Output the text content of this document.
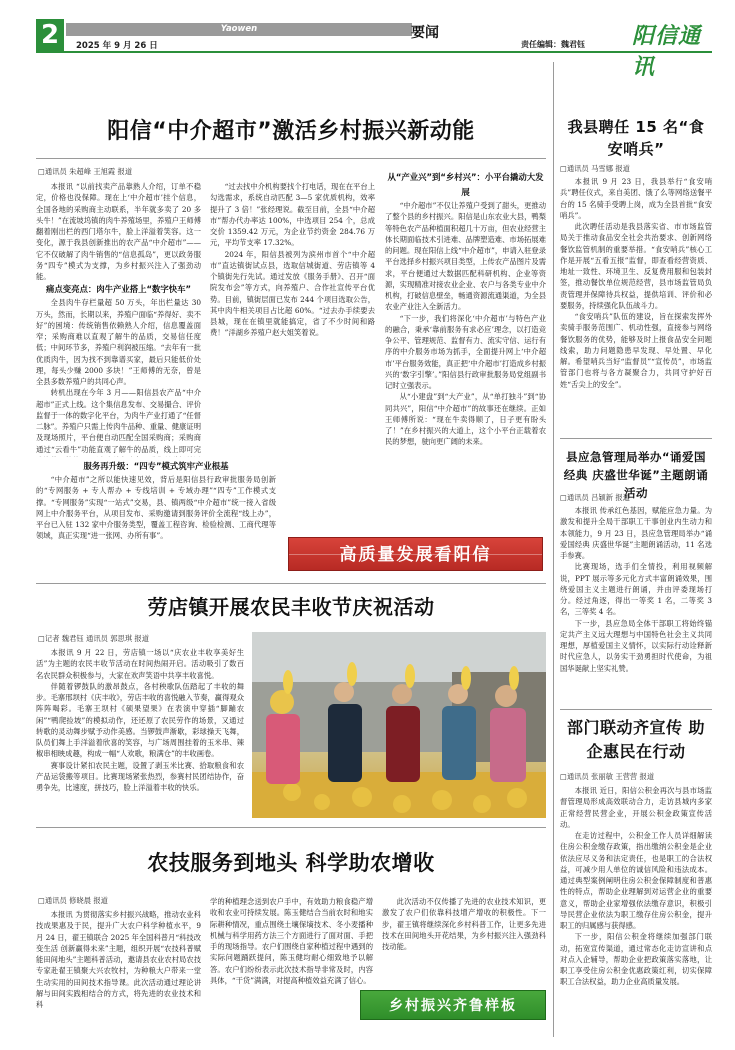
2	Yaowen
2025 年 9 月 26 日
要闻
责任编辑：魏君钰 阳信通讯
阳信“中介超市”激活乡村振兴新动能
□通讯员 朱超峰 王旭霞 报道

本报讯 “以前找卖产品靠熟人介绍，订单不稳定，价格也没保障。现在上‘中介超市’挂个信息，全国各地的采购商主动联系，半年就多卖了 20 多头牛！”在流坡坞镇的肉牛养殖场里，养殖户王师傅翻着刚出栏的西门塔尔牛，脸上洋溢着笑容。这一变化，源于我县创新推出的农产品“中介超市”——它不仅破解了肉牛销售的“信息孤岛”，更以政务服务“四专”模式为支撑，为乡村振兴注入了强劲动能。

痛点变亮点：肉牛产业搭上“数字快车”

全县肉牛存栏量超 50 万头，年出栏量达 30 万头，然而，长期以来，养殖户面临“养得好、卖不好”的困境：传统销售依赖熟人介绍，信息覆盖面窄；采购商难以直观了解牛的品质，交易信任度低；中间环节多，养殖户利润被压缩。“去年有一批优质肉牛，因为找不到靠谱买家，最后只能低价处理，每头少赚 2000 多块！”王师傅的无奈，曾是全县多数养殖户的共同心声。

转机出现在今年 3 月——阳信县农产品“中介超市”正式上线。这个集信息发布、交易撮合、评价监督于一体的数字化平台，为肉牛产业打通了“任督二脉”。养殖户只需上传肉牛品种、重量、健康证明及现场照片，平台便自动匹配全国采购商；采购商通过“云看牛”功能直观了解牛的品质，线上即可完

服务再升级：“四专”模式筑牢产业根基

“中介超市”之所以能快速见效，背后是阳信县行政审批服务局创新的“专网服务 + 专人帮办 + 专线培训 + 专域办理”“四专”工作模式支撑。“专网服务”实现“一站式”交易，县、镇两级“中介超市”统一接入省级网上中介服务平台，从项目发布、采购邀请到服务评价全流程“线上办”，平台已入驻 132 家中介服务类型，覆盖工程咨询、检验检测、工商代理等领域，真正实现“进一张网、办所有事”。

“过去找中介机构要找个打电话，现在在平台上勾选需求，系统自动匹配 3—5 家优质机构，效率提升了 3 倍！”张经理说。截至目前，全县“中介超市”帮办代办率达 100%，中选项目 254 个，总成交价 1359.42 万元，为企业节约资金 284.76 万元，平均节支率 17.32%。

2024 年，阳信县被列为滨州市首个“中介超市”直达镇街试点县，选取信城街道、劳店镇等 4 个镇街先行先试。通过发放《服务手册》、召开“面院发布会”等方式，向养殖户、合作社宣传平台优势。目前，镇街层面已发布 244 个项目选取公告，其中肉牛相关项目占比超 60%。“过去办手续要去县城，现在在镇里就能搞定，省了不少时间和路费！”洋湖乡养殖户赵大姐笑着说。

从“产业兴”到“乡村兴”：小平台撬动大发展

“中介超市”不仅让养殖户受到了甜头，更推动了整个县的乡村振兴。阳信是山东农业大县，鸭梨等特色农产品种植面积超几十万亩，但农业经营主体长期面临技术引进难、品牌塑造难、市场拓展难的问题。现在阳信上线“中介超市”，申请入驻登录平台选择乡村振兴项目类型，上传农产品图片及需求，平台便通过大数据匹配科研机构、企业等资源，实现精准对接农业企业、农户与各类专业中介机构，打破信息壁垒，畅通资源流通渠道，为全县农业产业注入全新活力。

“下一步，我们将深化‘中介超市’与特色产业的融合，秉承‘靠前服务有求必应’理念，以打造竞争公平、管理规范、监督有力、流实守信、运行有序的中介服务市场为抓手，全面提升网上‘中介超市’平台服务效能，真正把‘中介超市’打造成乡村振兴的‘数字引擎’。”阳信县行政审批服务局党组副书记时立强表示。

从“小建盘”到“大产业”，从“单打独斗”到“协同共兴”，阳信“中介超市”的故事还在继续。正如王师傅所说：“现在牛卖得顺了，日子更有盼头了！”在乡村振兴的大道上，这个小平台正载着农民的梦想，驶向更广阔的未来。

高质量发展看阳信
劳店镇开展农民丰收节庆祝活动
□记者 魏君钰 通讯员 郭思琪 报道

本报讯 9 月 22 日，劳店镇一场以“庆农业丰收享美好生活”为主题的农民丰收节活动在时间热闹开启。活动吸引了数百名农民群众积极参与，大家在欢声笑语中共享丰收喜悦。

伴随着锣鼓队的激昂鼓点，各村秧歌队伍踏起了丰收的舞步。毛寨邢坝村《庆丰收》，劳店丰收的喜悦融入节奏，赢得观众阵阵喝彩。毛寨王坝村《硕果望果》在表演中穿插“脚蹦农闲”“鸭爬捡坡”的模拟动作，还还原了农民劳作的场景，又通过转歌的灵动舞步赋予动作美感。当锣鼓声渐歇，彩球操天飞舞，队员们舞上手洋溢着欣喜的笑容，与广场周围挂着的玉米串、辣椒串相映成趣，构成一幅“人欢歌，粮满仓”的丰收画卷。

赛事设计紧扣农民主题，设置了剥玉米比赛、拾取粮食和农产品运袋搬等项目。比赛现场紧张热烈，参赛村民团结协作，奋勇争先，比速度，拼技巧，脸上洋溢着丰收的快乐。

农技服务到地头 科学助农增收
□通讯员 修晓晨 报道

本报讯 为贯彻落实乡村振兴战略，推动农业科技成果惠及于民，提升广大农户科学种植水平，9 月 24 日，翟王镇联合 2025 年全国科普月“科技改变生活 创新赢得未来”主题，组织开展“农技科普赋能田间地头”主题科普活动，邀请县农业农村局农技专家赴翟王镇聚大兴农牧村，为种粮大户带来一堂生动实用的田间技术指导课。此次活动通过理论讲解与田间实践相结合的方式，将先进的农业技术和科

学的种植理念送到农户手中，有效助力粮食稳产增收和农业可持续发展。陈玉健结合当前农时和地实际耕种情况，重点围绕土壤保墒技术、冬小麦播种机械与科学用药方法三个方面进行了面对面、手把手的现场指导。农户们围绕自家种植过程中遇到的实际问题踊跃提问，陈玉健均耐心细致地予以解答。农户们纷纷表示此次技术指导非常及时，内容具体，“干货”满满，对提高种植效益充满了信心。

此次活动不仅传播了先进的农业技术知识，更激发了农户们依靠科技增产增收的积极性。下一步，翟王镇将继续深化乡村科普工作，让更多先进技术在田间地头开花结果，为乡村振兴注入强劲科技动能。

乡村振兴齐鲁样板
我县聘任 15 名“食安哨兵”
□通讯员 马雪娜 报道

本报讯 9 月 23 日，我县举行“食安哨兵”聘任仪式，来自美团、饿了么等网络送餐平台的 15 名骑手受聘上岗，成为全县首批“食安哨兵”。

此次聘任活动是我县落实省、市市场监管局关于推动食品安全社会共治要求、创新网络餐饮监管机制的重要举措。“食安哨兵”核心工作是开展“五看五报”监督，即查看经营资质、地址一致性、环境卫生、反复费用服和包装封签，推动餐饮单位规范经营，县市场监管局负责管理并保障待兵权益，提供培训、评价和必要服务，持续强化队伍战斗力。

“食安哨兵”队伍的建设，旨在探索发挥外卖骑手服务范围广、机动性强，直接参与网络餐饮服务的优势，能够及时上报食品安全问题线索，助力问题隐患早发现、早处置、早化解。希望哨兵当好“监督员”“宣传员”，市场监管部门也将与各方凝聚合力，共同守护好百姓“舌尖上的安全”。

县应急管理局举办“诵爱国经典 庆盛世华诞”主题朗诵活动
□通讯员 吕颖新 报道

本报讯 传承红色基因，赋能应急力量。为激发和提升全局干部职工干事创业内生动力和本领能力，9 月 23 日，县应急管理局举办“诵爱国经典 庆盛世华诞”主题朗诵活动，11 名选手参赛。

比赛现场，选手们全情投，利用视频解说，PPT 展示等多元化方式丰富朗诵效果，围绕爱国主义主题进行朗诵，并由评委现场打分。经过角逐，得出一等奖 1 名，二等奖 3 名，三等奖 4 名。

下一步，县应急局全体干部职工将始终锚定共产主义远大理想与中国特色社会主义共同理想，厚植爱国主义情怀，以实际行动诠释新时代应急人，以务实干劲勇担时代使命，为祖国华诞献上坚实礼赞。

部门联动齐宣传 助企惠民在行动
□通讯员 张丽敏 王营营 报道

本报讯 近日，阳信公积金再次与县市场监督管理局形成高效联动合力，走访县城内多家正常经营民营企业，开展公积金政策宣传活动。

在走访过程中，公积金工作人员详细解读住房公积金缴存政策，指出缴纳公积金是企业依法应尽义务和法定责任，也是职工的合法权益，可减少用人单位的诚信风险和违法成本。通过典型案例阐明住房公积金保障制度和普惠性的特点，帮助企业理解到对运营企业的重要意义，帮助企业家增强依法缴存意识，积极引导民营企业依法为职工缴存住房公积金，提升职工的归属感与获得感。

下一步，阳信公积金将继续加强部门联动，拓宽宣传渠道，通过常态化走访宣讲和点对点入企辅导，帮助企业把政策落实落地，让职工享受住房公积金优惠政策红利，切实保障职工合法权益，助力企业高质量发展。
